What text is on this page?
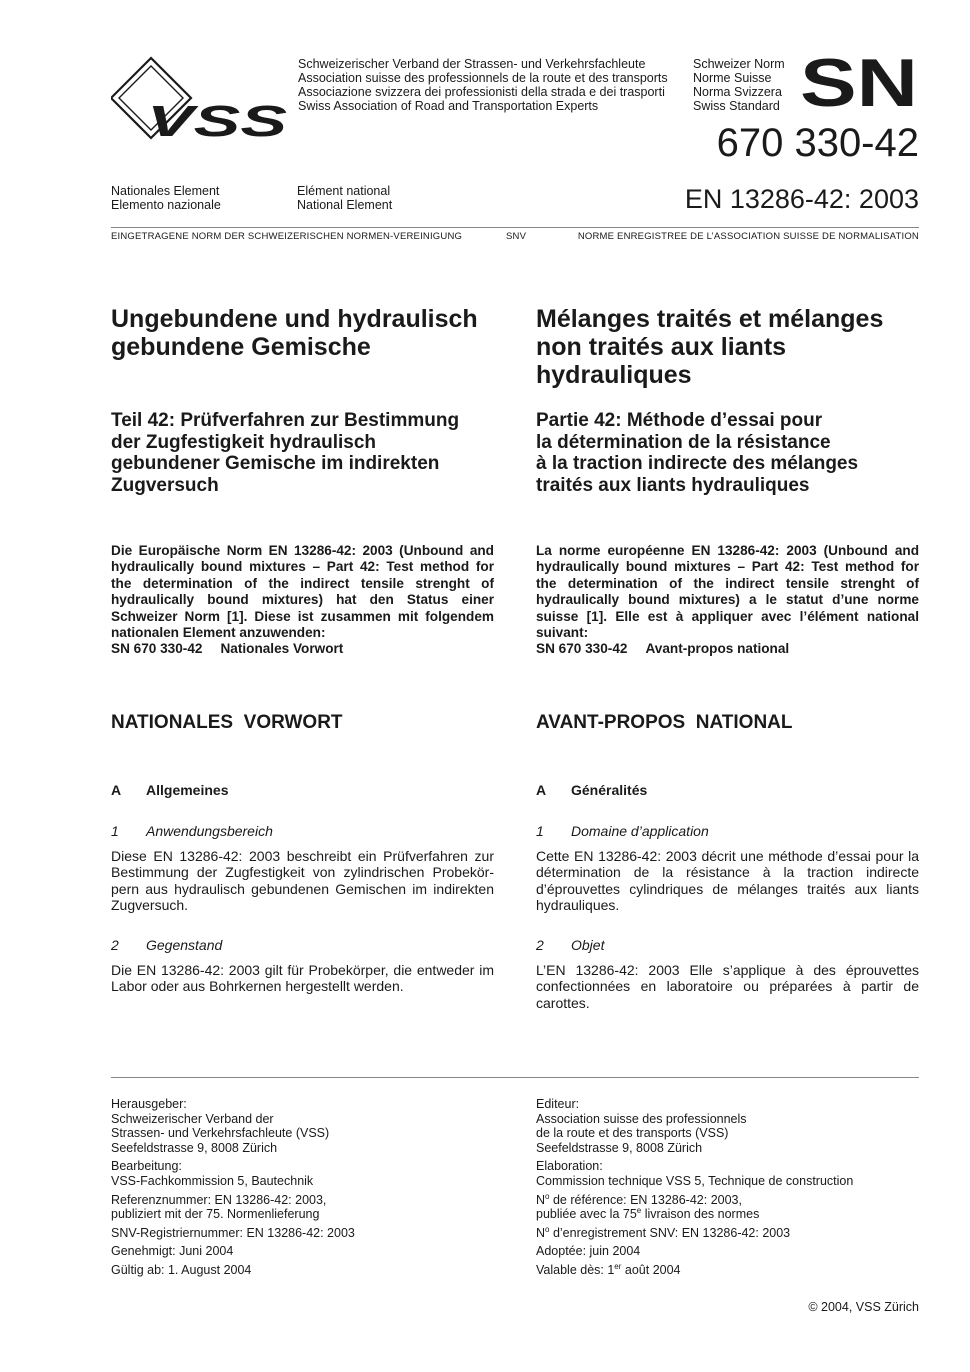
VSS
Schweizerischer Verband der Strassen- und Verkehrsfachleute
Association suisse des professionnels de la route et des transports
Associazione svizzera dei professionisti della strada e dei trasporti
Swiss Association of Road and Transportation Experts
Schweizer Norm
Norme Suisse
Norma Svizzera
Swiss Standard SN
670 330-42
Nationales Element
Elemento nazionale
Elément national
National Element	EN 13286-42: 2003
EINGETRAGENE NORM DER SCHWEIZERISCHEN NORMEN-VEREINIGUNG	SNV	NORME ENREGISTREE DE L’ASSOCIATION SUISSE DE NORMALISATION
Ungebundene und hydraulisch
gebundene Gemische
Teil 42: Prüfverfahren zur Bestimmung
der Zugfestigkeit hydraulisch
gebundener Gemische im indirekten
Zugversuch
Die Europäische Norm EN 13286-42: 2003 (Unbound and hydraulically bound mixtures – Part 42: Test method for the determination of the indirect tensile strenght of hydraulically bound mixtures) hat den Status einer Schweizer Norm [1]. Diese ist zusammen mit folgendem nationalen Element anzuwenden:
SN 670 330-42 Nationales Vorwort
NATIONALES  VORWORT
A Allgemeines
1 Anwendungsbereich
Diese EN 13286-42: 2003 beschreibt ein Prüfverfahren zur Bestimmung der Zugfestigkeit von zylindrischen Probekörpern aus hydraulisch gebundenen Gemischen im indirekten Zugversuch.
2 Gegenstand
Die EN 13286-42: 2003 gilt für Probekörper, die entweder im Labor oder aus Bohrkernen hergestellt werden.
Mélanges traités et mélanges
non traités aux liants
hydrauliques
Partie 42: Méthode d’essai pour
la détermination de la résistance
à la traction indirecte des mélanges
traités aux liants hydrauliques
La norme européenne EN 13286-42: 2003 (Unbound and hydraulically bound mixtures – Part 42: Test method for the determination of the indirect tensile strenght of hydraulically bound mixtures) a le statut d’une norme suisse [1]. Elle est à appliquer avec l’élément national suivant:
SN 670 330-42 Avant-propos national
AVANT-PROPOS  NATIONAL
A Généralités
1 Domaine d’application
Cette EN 13286-42: 2003 décrit une méthode d’essai pour la détermination de la résistance à la traction indirecte d’éprouvettes cylindriques de mélanges traités aux liants hydrauliques.
2 Objet
L’EN 13286-42: 2003 Elle s’applique à des éprouvettes confectionnées en laboratoire ou préparées à partir de carottes.
Herausgeber:
Schweizerischer Verband der
Strassen- und Verkehrsfachleute (VSS)
Seefeldstrasse 9, 8008 Zürich
Bearbeitung:
VSS-Fachkommission 5, Bautechnik
Referenznummer: EN 13286-42: 2003,
publiziert mit der 75. Normenlieferung
SNV-Registriernummer: EN 13286-42: 2003
Genehmigt: Juni 2004
Gültig ab: 1. August 2004
Editeur:
Association suisse des professionnels
de la route et des transports (VSS)
Seefeldstrasse 9, 8008 Zürich
Elaboration:
Commission technique VSS 5, Technique de construction
$N^o$ de référence: EN 13286-42: 2003,
publiée avec la 75e livraison des normes
$N^o$ d’enregistrement SNV: EN 13286-42: 2003
Adoptée: juin 2004
Valable dès: 1er août 2004
© 2004, VSS Zürich
